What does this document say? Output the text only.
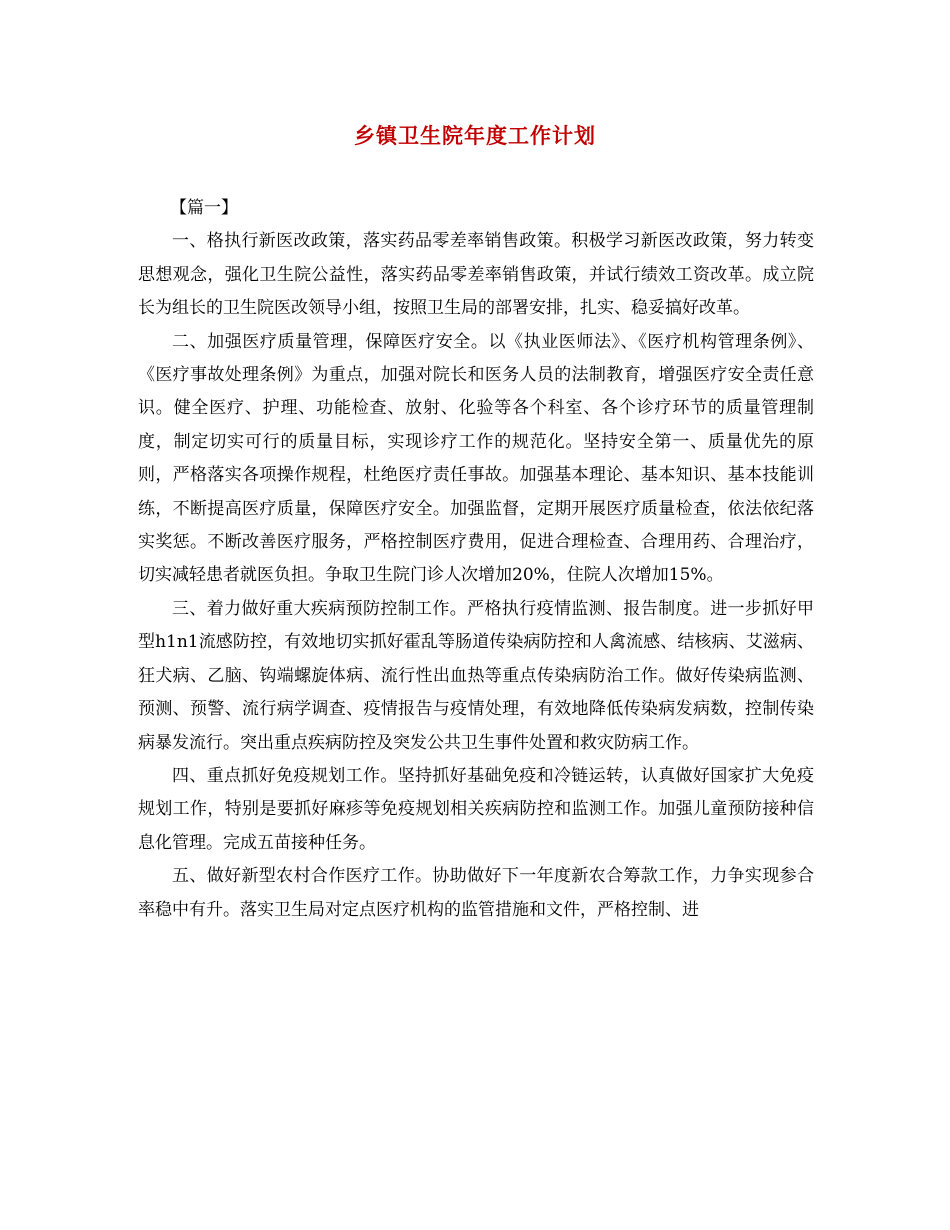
乡镇卫生院年度工作计划

【篇一】

一、格执行新医改政策，落实药品零差率销售政策。积极学习新医改政策，努力转变思想观念，强化卫生院公益性，落实药品零差率销售政策，并试行绩效工资改革。成立院长为组长的卫生院医改领导小组，按照卫生局的部署安排，扎实、稳妥搞好改革。

二、加强医疗质量管理，保障医疗安全。以《执业医师法》、《医疗机构管理条例》、《医疗事故处理条例》为重点，加强对院长和医务人员的法制教育，增强医疗安全责任意识。健全医疗、护理、功能检查、放射、化验等各个科室、各个诊疗环节的质量管理制度，制定切实可行的质量目标，实现诊疗工作的规范化。坚持安全第一、质量优先的原则，严格落实各项操作规程，杜绝医疗责任事故。加强基本理论、基本知识、基本技能训练，不断提高医疗质量，保障医疗安全。加强监督，定期开展医疗质量检查，依法依纪落实奖惩。不断改善医疗服务，严格控制医疗费用，促进合理检查、合理用药、合理治疗，切实减轻患者就医负担。争取卫生院门诊人次增加20%，住院人次增加15%。

三、着力做好重大疾病预防控制工作。严格执行疫情监测、报告制度。进一步抓好甲型h1n1流感防控，有效地切实抓好霍乱等肠道传染病防控和人禽流感、结核病、艾滋病、狂犬病、乙脑、钩端螺旋体病、流行性出血热等重点传染病防治工作。做好传染病监测、预测、预警、流行病学调查、疫情报告与疫情处理，有效地降低传染病发病数，控制传染病暴发流行。突出重点疾病防控及突发公共卫生事件处置和救灾防病工作。

四、重点抓好免疫规划工作。坚持抓好基础免疫和冷链运转，认真做好国家扩大免疫规划工作，特别是要抓好麻疹等免疫规划相关疾病防控和监测工作。加强儿童预防接种信息化管理。完成五苗接种任务。

五、做好新型农村合作医疗工作。协助做好下一年度新农合筹款工作，力争实现参合率稳中有升。落实卫生局对定点医疗机构的监管措施和文件，严格控制、进
